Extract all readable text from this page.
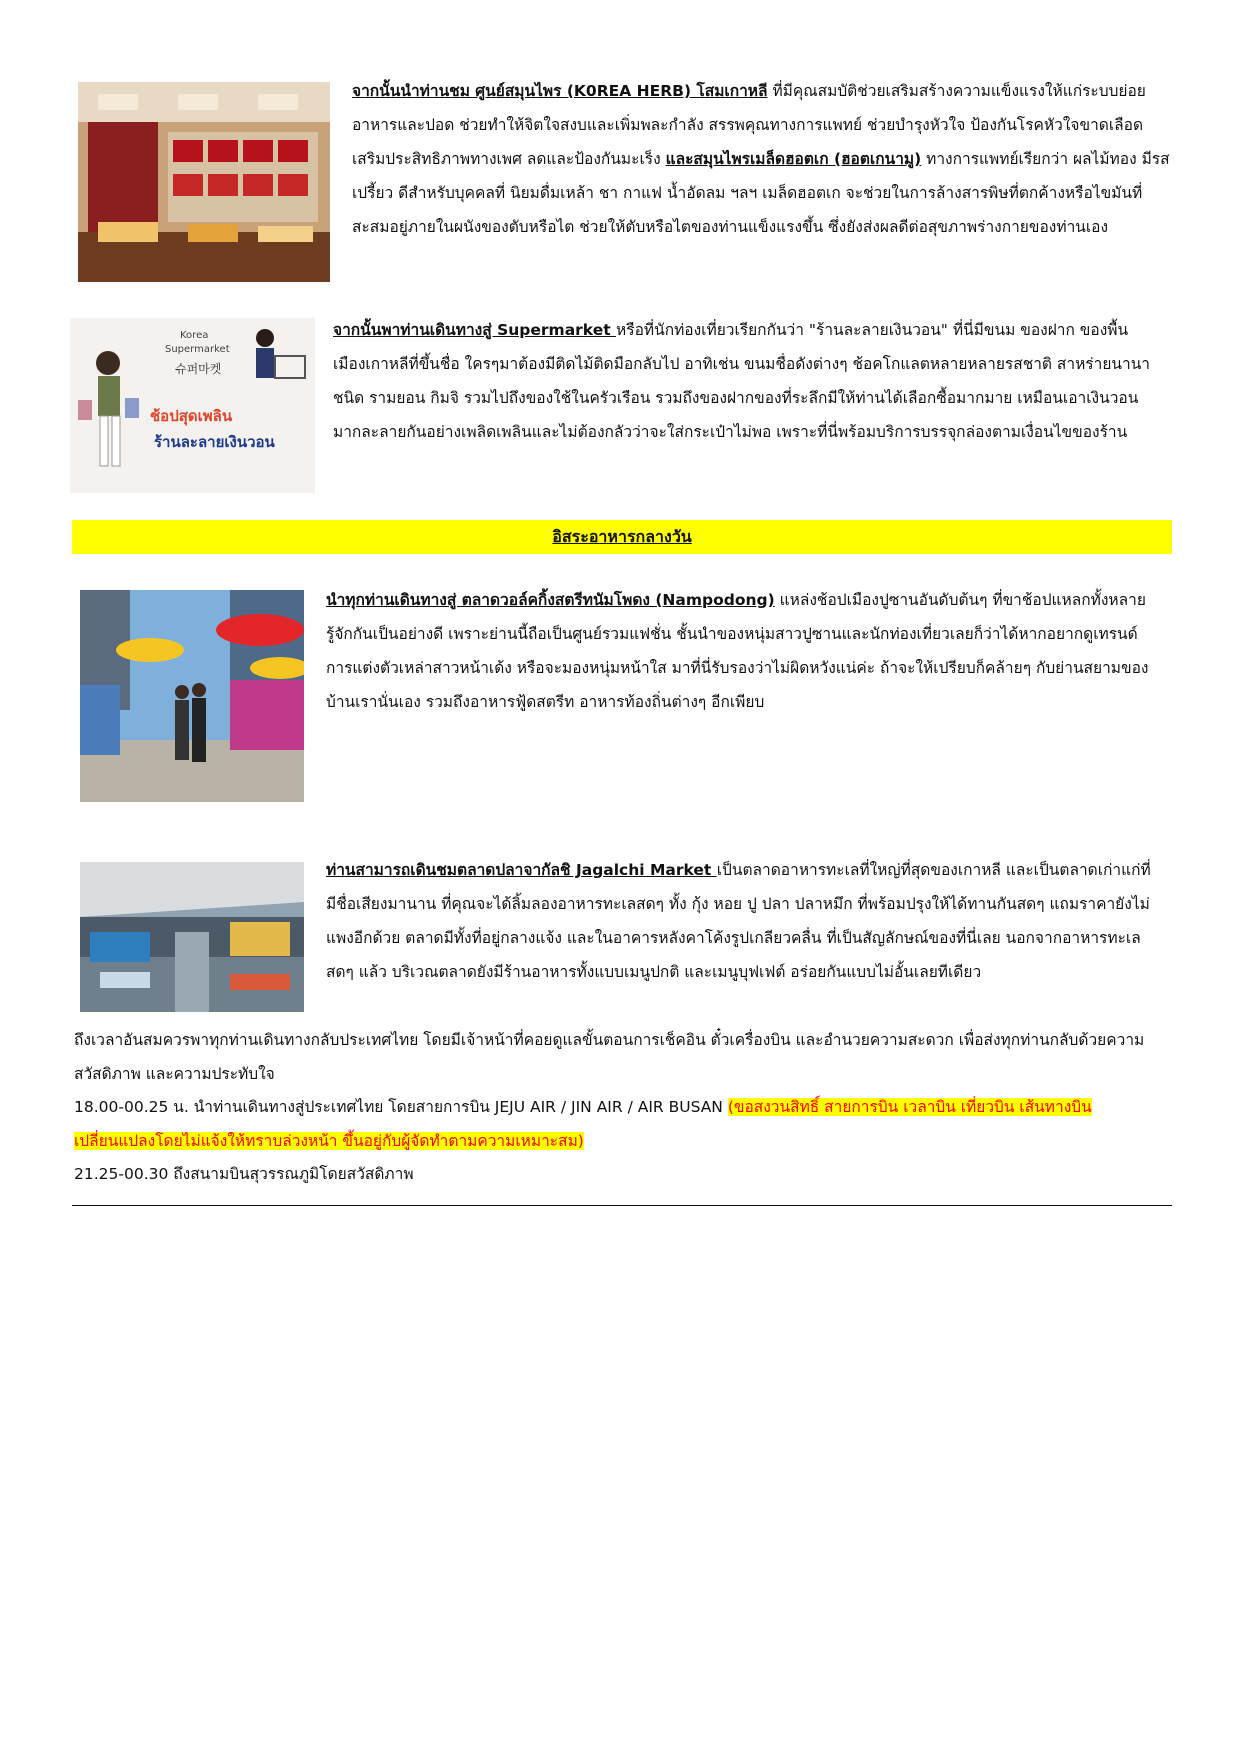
จากนั้นนำท่านชม ศูนย์สมุนไพร (K0REA HERB) โสมเกาหลี ที่มีคุณสมบัติช่วยเสริมสร้างความแข็งแรงให้แก่ระบบย่อยอาหารและปอด ช่วยทำให้จิตใจสงบและเพิ่มพละกำลัง สรรพคุณทางการแพทย์ ช่วยบำรุงหัวใจ ป้องกันโรคหัวใจขาดเลือด เสริมประสิทธิภาพทางเพศ ลดและป้องกันมะเร็ง และสมุนไพรเมล็ดฮอตเก (ฮอตเกนามู) ทางการแพทย์เรียกว่า ผลไม้ทอง มีรสเปรี้ยว ดีสำหรับบุคคลที่ นิยมดื่มเหล้า ชา กาแฟ น้ำอัดลม ฯลฯ เมล็ดฮอตเก จะช่วยในการล้างสารพิษที่ตกค้างหรือไขมันที่สะสมอยู่ภายในผนังของตับหรือไต ช่วยให้ตับหรือไตของท่านแข็งแรงขึ้น ซึ่งยังส่งผลดีต่อสุขภาพร่างกายของท่านเอง
Korea
Supermarket
슈퍼마켓
ช้อปสุดเพลิน
ร้านละลายเงินวอน
จากนั้นพาท่านเดินทางสู่ Supermarket หรือที่นักท่องเที่ยวเรียกกันว่า "ร้านละลายเงินวอน" ที่นี่มีขนม ของฝาก ของพื้นเมืองเกาหลีที่ขึ้นชื่อ ใครๆมาต้องมีติดไม้ติดมือกลับไป อาทิเช่น ขนมชื่อดังต่างๆ ช้อคโกแลตหลายหลายรสชาติ สาหร่ายนานาชนิด รามยอน กิมจิ รวมไปถึงของใช้ในครัวเรือน รวมถึงของฝากของที่ระลึกมีให้ท่านได้เลือกซื้อมากมาย เหมือนเอาเงินวอนมากละลายกันอย่างเพลิดเพลินและไม่ต้องกลัวว่าจะใส่กระเป๋าไม่พอ เพราะที่นี่พร้อมบริการบรรจุกล่องตามเงื่อนไขของร้าน
อิสระอาหารกลางวัน
นำทุกท่านเดินทางสู่ ตลาดวอล์คกิ้งสตรีทนัมโพดง (Nampodong) แหล่งช้อปเมืองปูซานอันดับต้นๆ ที่ขาช้อปแหลกทั้งหลายรู้จักกันเป็นอย่างดี เพราะย่านนี้ถือเป็นศูนย์รวมแฟชั่น ชั้นนำของหนุ่มสาวปูซานและนักท่องเที่ยวเลยก็ว่าได้หากอยากดูเทรนด์การแต่งตัวเหล่าสาวหน้าเด้ง หรือจะมองหนุ่มหน้าใส มาที่นี่รับรองว่าไม่ผิดหวังแน่ค่ะ ถ้าจะให้เปรียบก็คล้ายๆ กับย่านสยามของบ้านเรานั่นเอง รวมถึงอาหารฟู้ดสตรีท อาหารท้องถิ่นต่างๆ อีกเพียบ
ท่านสามารถเดินชมตลาดปลาจากัลชิ Jagalchi Market เป็นตลาดอาหารทะเลที่ใหญ่ที่สุดของเกาหลี และเป็นตลาดเก่าแก่ที่มีชื่อเสียงมานาน ที่คุณจะได้ลิ้มลองอาหารทะเลสดๆ ทั้ง กุ้ง หอย ปู ปลา ปลาหมึก ที่พร้อมปรุงให้ได้ทานกันสดๆ แถมราคายังไม่แพงอีกด้วย ตลาดมีทั้งที่อยู่กลางแจ้ง และในอาคารหลังคาโค้งรูปเกลียวคลื่น ที่เป็นสัญลักษณ์ของที่นี่เลย นอกจากอาหารทะเลสดๆ แล้ว บริเวณตลาดยังมีร้านอาหารทั้งแบบเมนูปกติ และเมนูบุฟเฟต์ อร่อยกันแบบไม่อั้นเลยทีเดียว
ถึงเวลาอันสมควรพาทุกท่านเดินทางกลับประเทศไทย โดยมีเจ้าหน้าที่คอยดูแลขั้นตอนการเช็คอิน ตั๋วเครื่องบิน และอำนวยความสะดวก เพื่อส่งทุกท่านกลับด้วยความสวัสดิภาพ และความประทับใจ
18.00-00.25 น. นำท่านเดินทางสู่ประเทศไทย โดยสายการบิน JEJU AIR / JIN AIR / AIR BUSAN (ขอสงวนสิทธิ์ สายการบิน เวลาบิน เที่ยวบิน เส้นทางบิน เปลี่ยนแปลงโดยไม่แจ้งให้ทราบล่วงหน้า ขึ้นอยู่กับผู้จัดทำตามความเหมาะสม)
21.25-00.30 ถึงสนามบินสุวรรณภูมิโดยสวัสดิภาพ
